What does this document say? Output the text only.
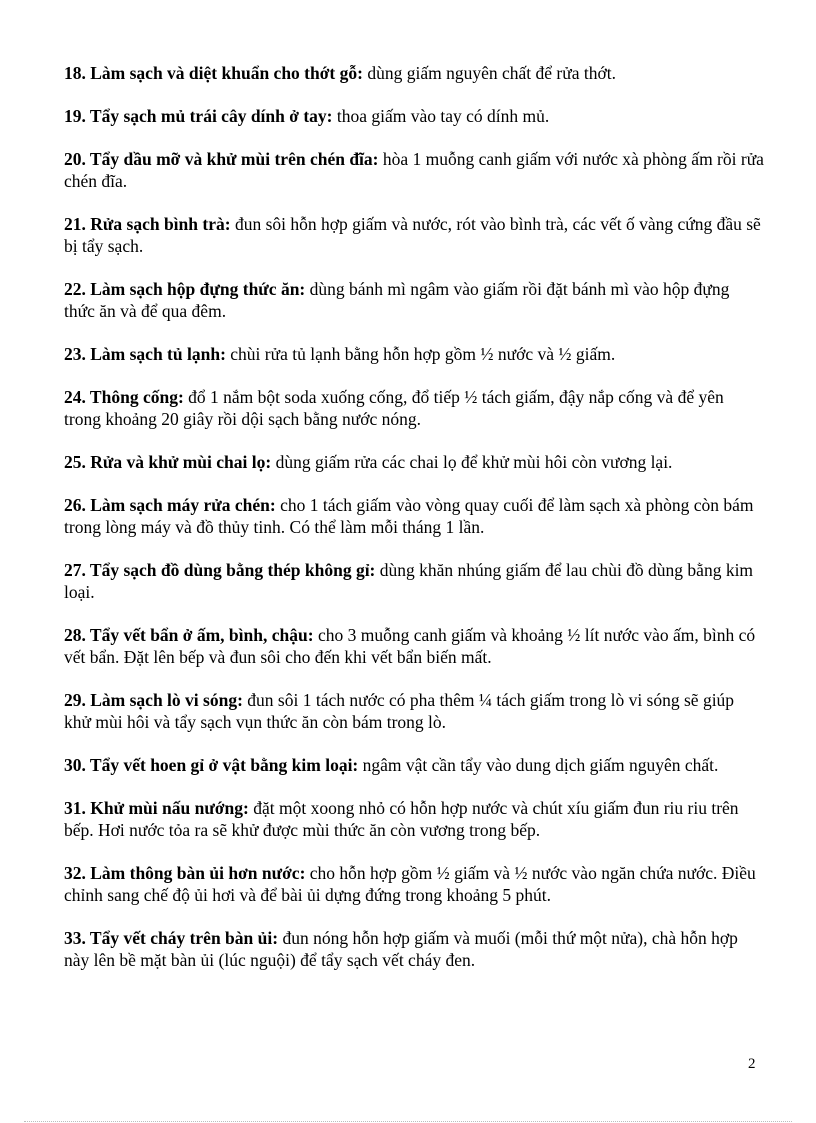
18. Làm sạch và diệt khuẩn cho thớt gỗ: dùng giấm nguyên chất để rửa thớt.

19. Tẩy sạch mủ trái cây dính ở tay: thoa giấm vào tay có dính mủ.

20. Tẩy dầu mỡ và khử mùi trên chén đĩa: hòa 1 muỗng canh giấm với nước xà phòng ấm rồi rửa chén đĩa.

21. Rửa sạch bình trà: đun sôi hỗn hợp giấm và nước, rót vào bình trà, các vết ố vàng cứng đầu sẽ bị tẩy sạch.

22. Làm sạch hộp đựng thức ăn: dùng bánh mì ngâm vào giấm rồi đặt bánh mì vào hộp đựng thức ăn và để qua đêm.

23. Làm sạch tủ lạnh: chùi rửa tủ lạnh bằng hỗn hợp gồm ½ nước và ½ giấm.

24. Thông cống: đổ 1 nắm bột soda xuống cống, đổ tiếp ½ tách giấm, đậy nắp cống và để yên trong khoảng 20 giây rồi dội sạch bằng nước nóng.

25. Rửa và khử mùi chai lọ: dùng giấm rửa các chai lọ để khử mùi hôi còn vương lại.

26. Làm sạch máy rửa chén: cho 1 tách giấm vào vòng quay cuối để làm sạch xà phòng còn bám trong lòng máy và đồ thủy tinh. Có thể làm mỗi tháng 1 lần.

27. Tẩy sạch đồ dùng bằng thép không gỉ: dùng khăn nhúng giấm để lau chùi đồ dùng bằng kim loại.

28. Tẩy vết bẩn ở ấm, bình, chậu: cho 3 muỗng canh giấm và khoảng ½ lít nước vào ấm, bình có vết bẩn. Đặt lên bếp và đun sôi cho đến khi vết bẩn biến mất.

29. Làm sạch lò vi sóng: đun sôi 1 tách nước có pha thêm ¼ tách giấm trong lò vi sóng sẽ giúp khử mùi hôi và tẩy sạch vụn thức ăn còn bám trong lò.

30. Tẩy vết hoen gỉ ở vật bằng kim loại: ngâm vật cần tẩy vào dung dịch giấm nguyên chất.

31. Khử mùi nấu nướng: đặt một xoong nhỏ có hỗn hợp nước và chút xíu giấm đun riu riu trên bếp. Hơi nước tỏa ra sẽ khử được mùi thức ăn còn vương trong bếp.

32. Làm thông bàn ủi hơn nước: cho hỗn hợp gồm ½ giấm và ½ nước vào ngăn chứa nước. Điều chỉnh sang chế độ ủi hơi và để bài ủi dựng đứng trong khoảng 5 phút.

33. Tẩy vết cháy trên bàn ủi: đun nóng hỗn hợp giấm và muối (mỗi thứ một nửa), chà hỗn hợp này lên bề mặt bàn ủi (lúc nguội) để tẩy sạch vết cháy đen.

2
